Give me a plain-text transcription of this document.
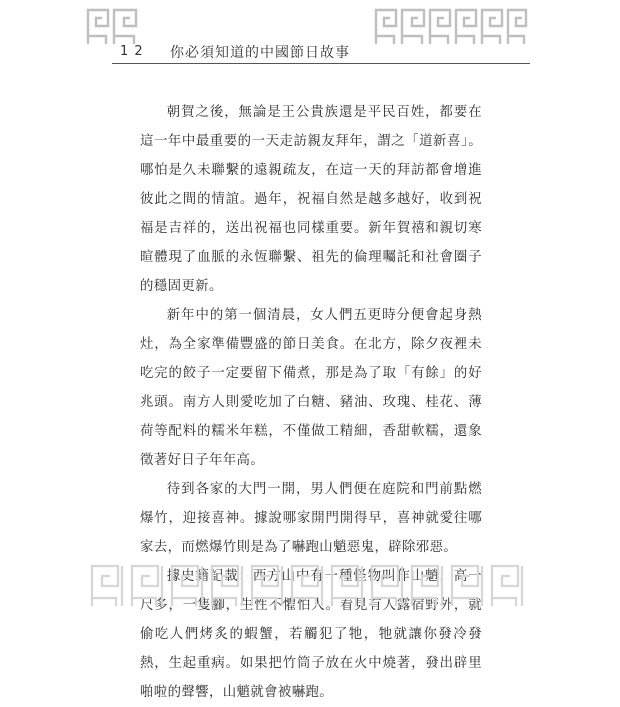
1 2 你必須知道的中國節日故事

朝賀之後，無論是王公貴族還是平民百姓，都要在這一年中最重要的一天走訪親友拜年，謂之「道新喜」。哪怕是久未聯繫的遠親疏友，在這一天的拜訪都會增進彼此之間的情誼。過年，祝福自然是越多越好，收到祝福是吉祥的，送出祝福也同樣重要。新年賀禧和親切寒暄體現了血脈的永恆聯繫、祖先的倫理囑託和社會圈子的穩固更新。

新年中的第一個清晨，女人們五更時分便會起身熱灶，為全家準備豐盛的節日美食。在北方，除夕夜裡未吃完的餃子一定要留下備煮，那是為了取「有餘」的好兆頭。南方人則愛吃加了白糖、豬油、玫瑰、桂花、薄荷等配料的糯米年糕，不僅做工精細，香甜軟糯，還象徵著好日子年年高。

待到各家的大門一開，男人們便在庭院和門前點燃爆竹，迎接喜神。據說哪家開門開得早，喜神就愛往哪家去，而燃爆竹則是為了嚇跑山魈惡鬼，辟除邪惡。

偷吃人們烤炙的蝦蟹，若觸犯了牠，牠就讓你發冷發熱，生起重病。如果把竹筒子放在火中燒著，發出辟里啪啦的聲響，山魈就會被嚇跑。
